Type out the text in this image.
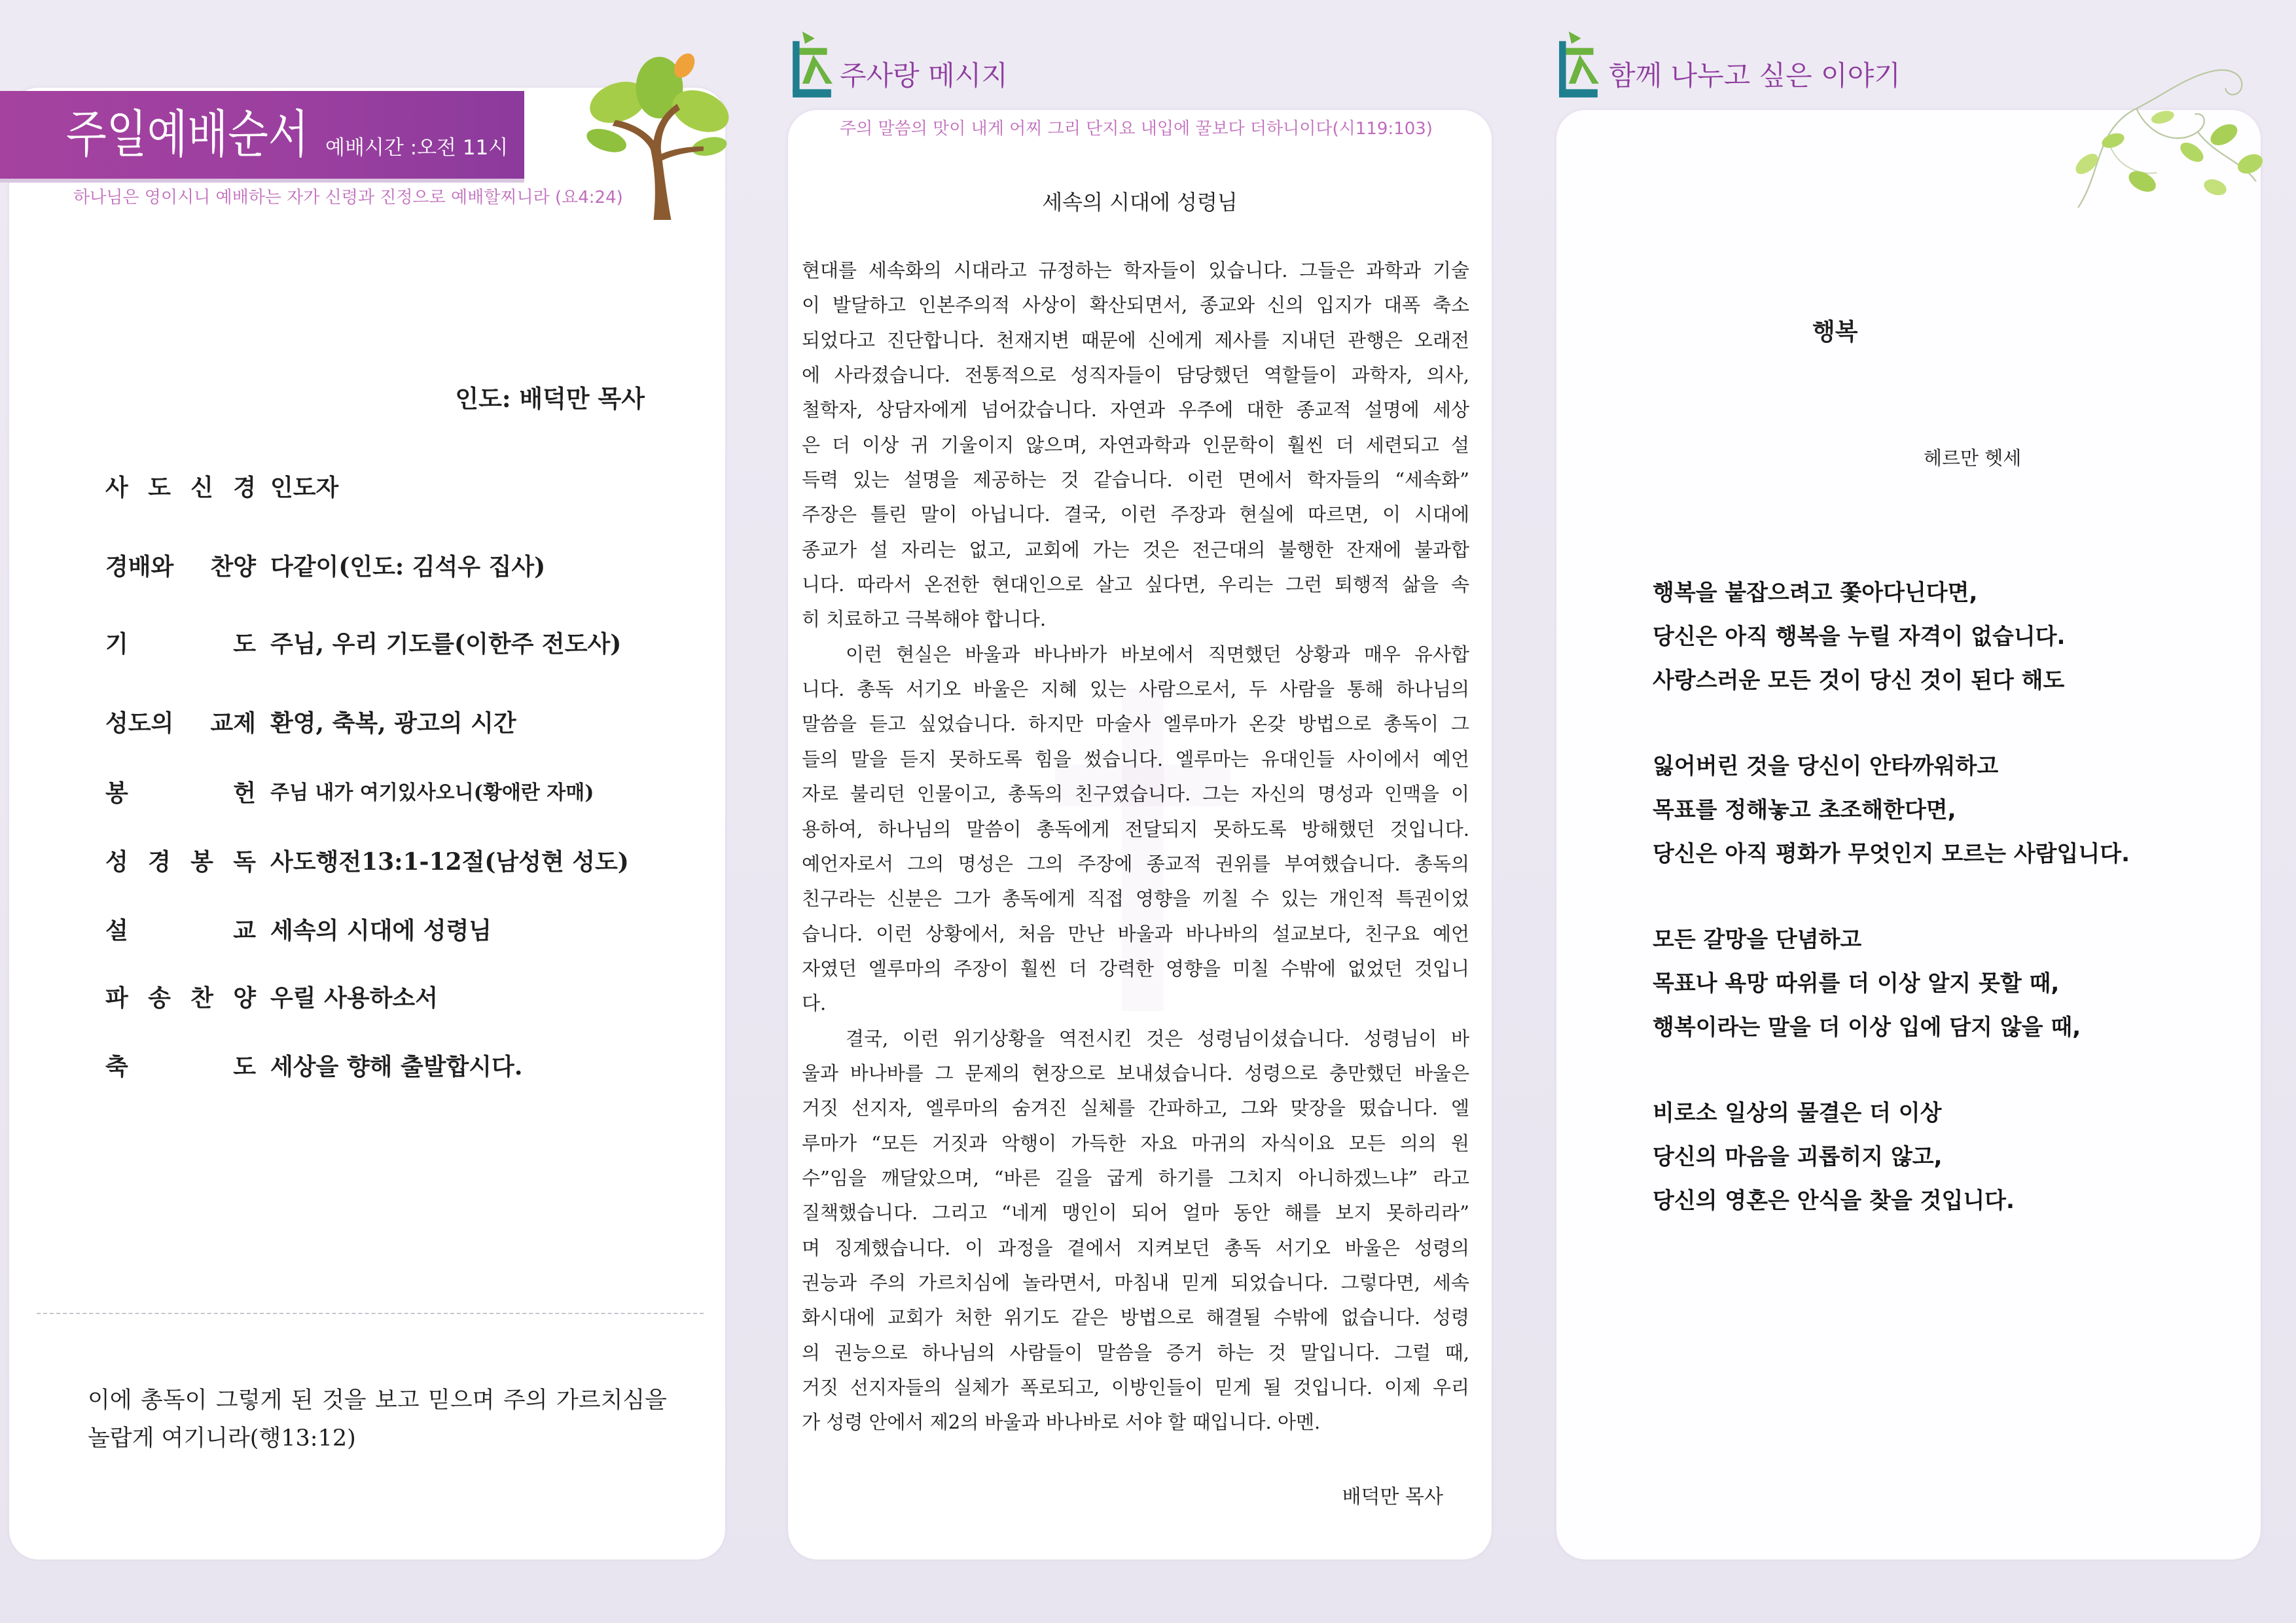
하나님은 영이시니 예배하는 자가 신령과 진정으로 예배할찌니라 (요4:24)
인도: 배덕만 목사
사 도 신 경 인도자
경배와 찬양 다같이(인도: 김석우 집사)
기 도 주님, 우리 기도를(이한주 전도사)
성도의 교제 환영, 축복, 광고의 시간
봉 헌 주님 내가 여기있사오니(황애란 자매)
성 경 봉 독 사도행전13:1-12절(남성현 성도)
설 교 세속의 시대에 성령님
파 송 찬 양 우릴 사용하소서
축 도 세상을 향해 출발합시다.
이에 총독이 그렇게 된 것을 보고 믿으며 주의 가르치심을
놀랍게 여기니라(행13:12)
주일예배순서 예배시간 :오전 11시
주사랑 메시지
주의 말씀의 맛이 내게 어찌 그리 단지요 내입에 꿀보다 더하니이다(시119:103)
세속의 시대에 성령님
현대를 세속화의 시대라고 규정하는 학자들이 있습니다. 그들은 과학과 기술
이 발달하고 인본주의적 사상이 확산되면서, 종교와 신의 입지가 대폭 축소
되었다고 진단합니다. 천재지변 때문에 신에게 제사를 지내던 관행은 오래전
에 사라졌습니다. 전통적으로 성직자들이 담당했던 역할들이 과학자, 의사,
철학자, 상담자에게 넘어갔습니다. 자연과 우주에 대한 종교적 설명에 세상
은 더 이상 귀 기울이지 않으며, 자연과학과 인문학이 훨씬 더 세련되고 설
득력 있는 설명을 제공하는 것 같습니다. 이런 면에서 학자들의 “세속화”
주장은 틀린 말이 아닙니다. 결국, 이런 주장과 현실에 따르면, 이 시대에
종교가 설 자리는 없고, 교회에 가는 것은 전근대의 불행한 잔재에 불과합
니다. 따라서 온전한 현대인으로 살고 싶다면, 우리는 그런 퇴행적 삶을 속
히 치료하고 극복해야 합니다.
이런 현실은 바울과 바나바가 바보에서 직면했던 상황과 매우 유사합
니다. 총독 서기오 바울은 지혜 있는 사람으로서, 두 사람을 통해 하나님의
말씀을 듣고 싶었습니다. 하지만 마술사 엘루마가 온갖 방법으로 총독이 그
들의 말을 듣지 못하도록 힘을 썼습니다. 엘루마는 유대인들 사이에서 예언
자로 불리던 인물이고, 총독의 친구였습니다. 그는 자신의 명성과 인맥을 이
용하여, 하나님의 말씀이 총독에게 전달되지 못하도록 방해했던 것입니다.
예언자로서 그의 명성은 그의 주장에 종교적 권위를 부여했습니다. 총독의
친구라는 신분은 그가 총독에게 직접 영향을 끼칠 수 있는 개인적 특권이었
습니다. 이런 상황에서, 처음 만난 바울과 바나바의 설교보다, 친구요 예언
자였던 엘루마의 주장이 훨씬 더 강력한 영향을 미칠 수밖에 없었던 것입니
다.
결국, 이런 위기상황을 역전시킨 것은 성령님이셨습니다. 성령님이 바
울과 바나바를 그 문제의 현장으로 보내셨습니다. 성령으로 충만했던 바울은
거짓 선지자, 엘루마의 숨겨진 실체를 간파하고, 그와 맞장을 떴습니다. 엘
루마가 “모든 거짓과 악행이 가득한 자요 마귀의 자식이요 모든 의의 원
수”임을 깨달았으며, “바른 길을 굽게 하기를 그치지 아니하겠느냐” 라고
질책했습니다. 그리고 “네게 맹인이 되어 얼마 동안 해를 보지 못하리라”
며 징계했습니다. 이 과정을 곁에서 지켜보던 총독 서기오 바울은 성령의
권능과 주의 가르치심에 놀라면서, 마침내 믿게 되었습니다. 그렇다면, 세속
화시대에 교회가 처한 위기도 같은 방법으로 해결될 수밖에 없습니다. 성령
의 권능으로 하나님의 사람들이 말씀을 증거 하는 것 말입니다. 그럴 때,
거짓 선지자들의 실체가 폭로되고, 이방인들이 믿게 될 것입니다. 이제 우리
가 성령 안에서 제2의 바울과 바나바로 서야 할 때입니다. 아멘.
배덕만 목사
함께 나누고 싶은 이야기
행복
헤르만 헷세
행복을 붙잡으려고 쫓아다닌다면,
당신은 아직 행복을 누릴 자격이 없습니다.
사랑스러운 모든 것이 당신 것이 된다 해도
잃어버린 것을 당신이 안타까워하고
목표를 정해놓고 초조해한다면,
당신은 아직 평화가 무엇인지 모르는 사람입니다.
모든 갈망을 단념하고
목표나 욕망 따위를 더 이상 알지 못할 때,
행복이라는 말을 더 이상 입에 담지 않을 때,
비로소 일상의 물결은 더 이상
당신의 마음을 괴롭히지 않고,
당신의 영혼은 안식을 찾을 것입니다.
